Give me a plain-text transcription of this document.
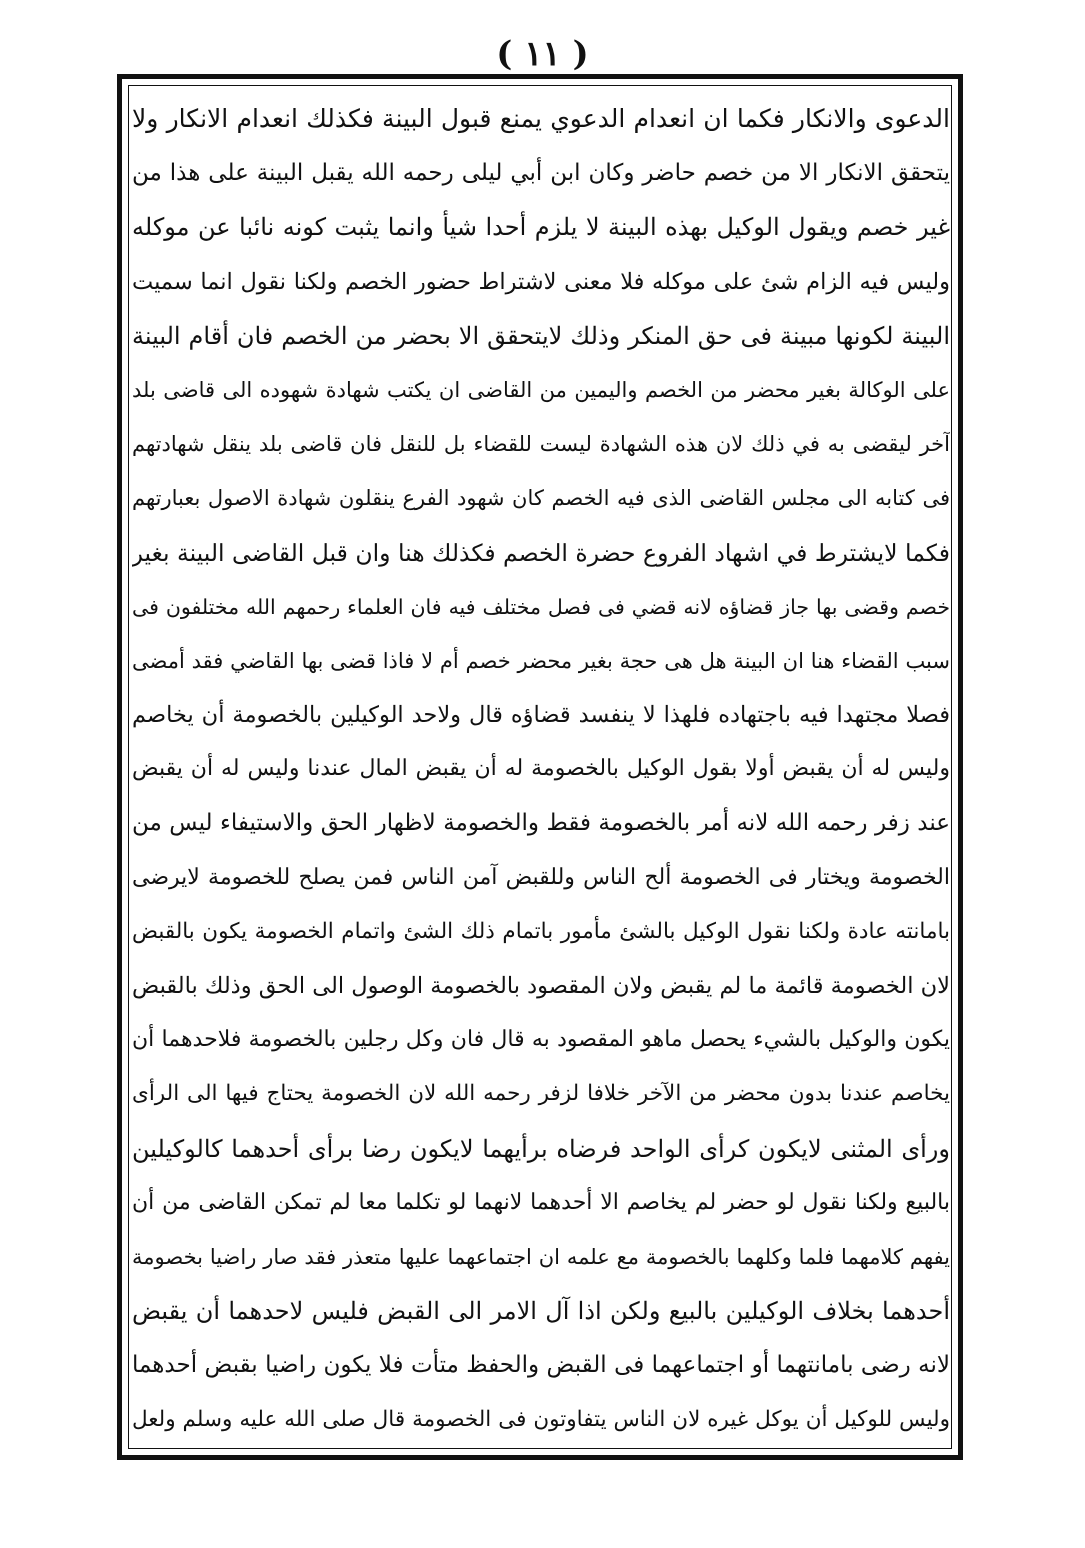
( ١١ )
الدعوى والانكار فكما ان انعدام الدعوي يمنع قبول البينة فكذلك انعدام الانكار ولا
يتحقق الانكار الا من خصم حاضر وكان ابن أبي ليلى رحمه الله يقبل البينة على هذا من
غير خصم ويقول الوكيل بهذه البينة لا يلزم أحدا شيأ وانما يثبت كونه نائبا عن موكله
وليس فيه الزام شئ على موكله فلا معنى لاشتراط حضور الخصم ولكنا نقول انما سميت
البينة لكونها مبينة فى حق المنكر وذلك لايتحقق الا بحضر من الخصم فان أقام البينة
على الوكالة بغير محضر من الخصم واليمين من القاضى ان يكتب شهادة شهوده الى قاضى بلد
آخر ليقضى به في ذلك لان هذه الشهادة ليست للقضاء بل للنقل فان قاضى بلد ينقل شهادتهم
فى كتابه الى مجلس القاضى الذى فيه الخصم كان شهود الفرع ينقلون شهادة الاصول بعبارتهم
فكما لايشترط في اشهاد الفروع حضرة الخصم فكذلك هنا وان قبل القاضى البينة بغير
خصم وقضى بها جاز قضاؤه لانه قضي فى فصل مختلف فيه فان العلماء رحمهم الله مختلفون فى
سبب القضاء هنا ان البينة هل هى حجة بغير محضر خصم أم لا فاذا قضى بها القاضي فقد أمضى
فصلا مجتهدا فيه باجتهاده فلهذا لا ينفسد قضاؤه قال ولاحد الوكيلين بالخصومة أن يخاصم
وليس له أن يقبض أولا بقول الوكيل بالخصومة له أن يقبض المال عندنا وليس له أن يقبض
عند زفر رحمه الله لانه أمر بالخصومة فقط والخصومة لاظهار الحق والاستيفاء ليس من
الخصومة ويختار فى الخصومة ألح الناس وللقبض آمن الناس فمن يصلح للخصومة لايرضى
بامانته عادة ولكنا نقول الوكيل بالشئ مأمور باتمام ذلك الشئ واتمام الخصومة يكون بالقبض
لان الخصومة قائمة ما لم يقبض ولان المقصود بالخصومة الوصول الى الحق وذلك بالقبض
يكون والوكيل بالشيء يحصل ماهو المقصود به قال فان وكل رجلين بالخصومة فلاحدهما أن
يخاصم عندنا بدون محضر من الآخر خلافا لزفر رحمه الله لان الخصومة يحتاج فيها الى الرأى
ورأى المثنى لايكون كرأى الواحد فرضاه برأيهما لايكون رضا برأى أحدهما كالوكيلين
بالبيع ولكنا نقول لو حضر لم يخاصم الا أحدهما لانهما لو تكلما معا لم تمكن القاضى من أن
يفهم كلامهما فلما وكلهما بالخصومة مع علمه ان اجتماعهما عليها متعذر فقد صار راضيا بخصومة
أحدهما بخلاف الوكيلين بالبيع ولكن اذا آل الامر الى القبض فليس لاحدهما أن يقبض
لانه رضى بامانتهما أو اجتماعهما فى القبض والحفظ متأت فلا يكون راضيا بقبض أحدهما
وليس للوكيل أن يوكل غيره لان الناس يتفاوتون فى الخصومة قال صلى الله عليه وسلم ولعل
